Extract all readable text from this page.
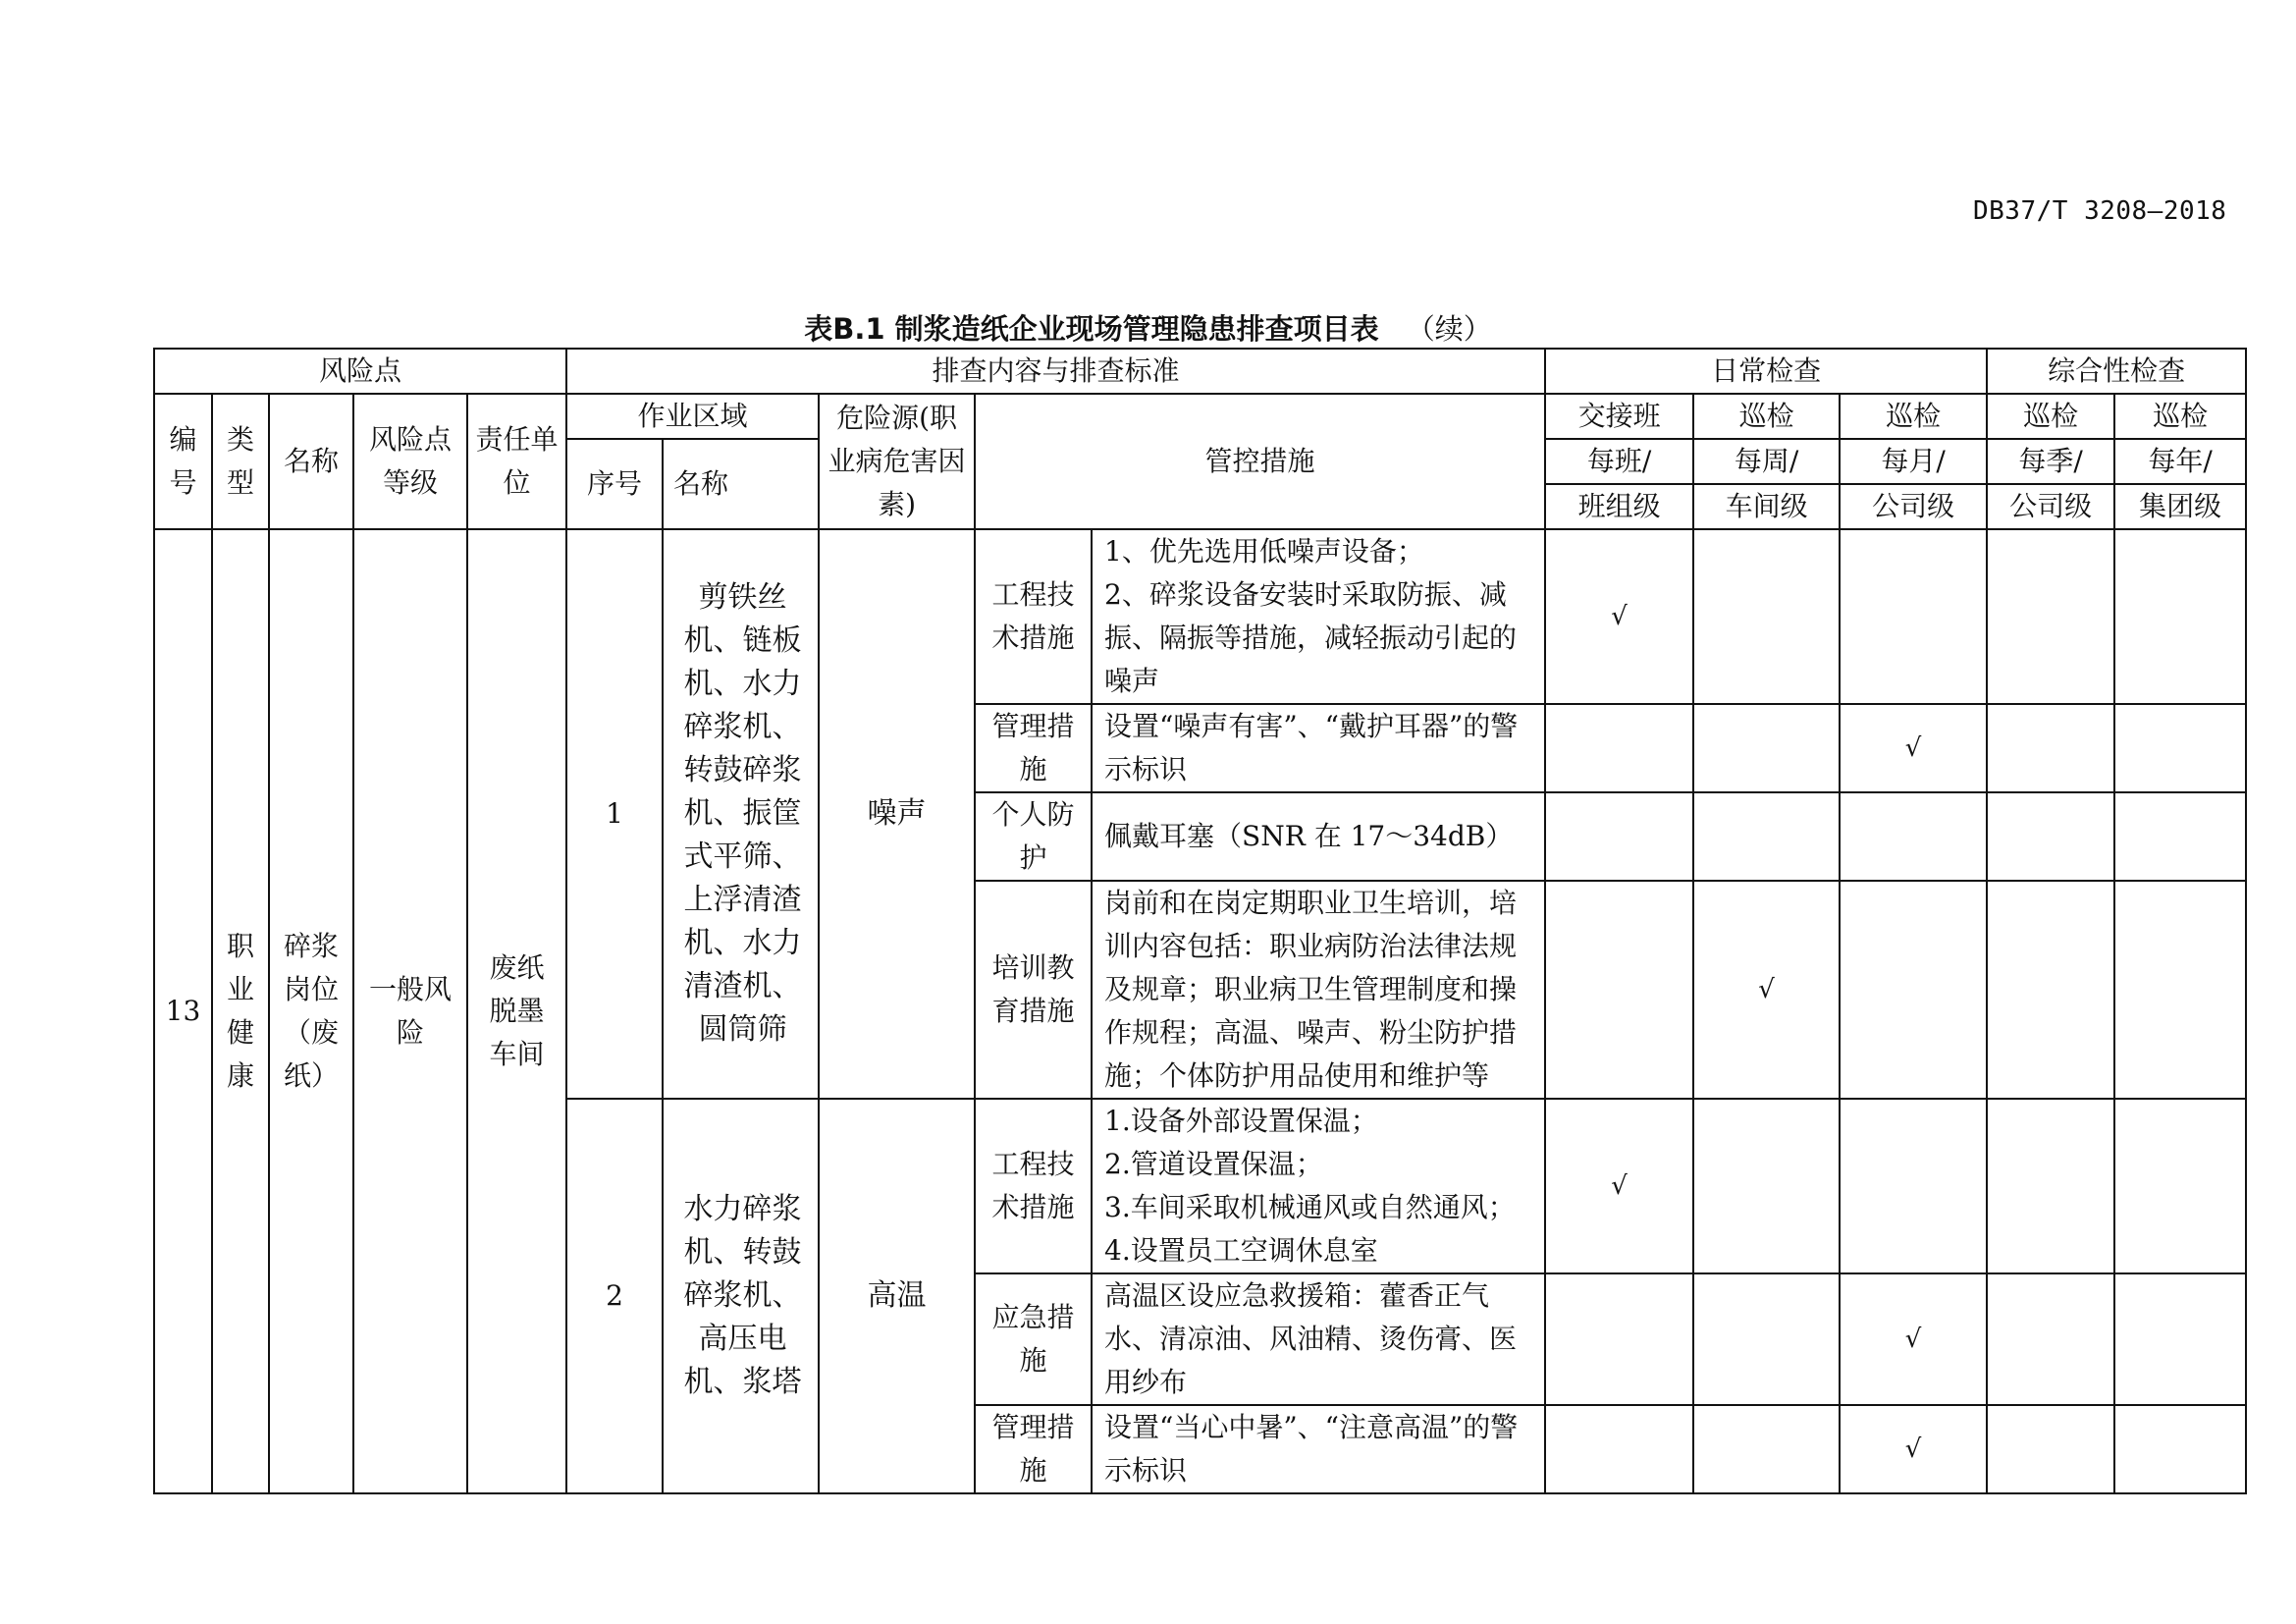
DB37/T 3208—2018
表B.1 制浆造纸企业现场管理隐患排查项目表 （续）
风险点					排查内容与排查标准					日常检查			综合性检查	
编号	类型	名称	风险点等级	责任单位	作业区域		危险源(职业病危害因素)	管控措施		交接班	巡检	巡检	巡检	巡检
					序号	名称				每班/	每周/	每月/	每季/	每年/
										班组级	车间级	公司级	公司级	集团级
13	职业健康	碎浆岗位（废纸）	一般风险	废纸脱墨车间	1	剪铁丝机、链板机、水力碎浆机、转鼓碎浆机、振筐式平筛、上浮清渣机、水力清渣机、圆筒筛	噪声	工程技术措施	1、优先选用低噪声设备；
2、碎浆设备安装时采取防振、减振、隔振等措施，减轻振动引起的噪声	√				
								管理措施	设置“噪声有害”、“戴护耳器”的警示标识			√		
								个人防护	佩戴耳塞（SNR 在 17～34dB）					

								培训教育措施	岗前和在岗定期职业卫生培训，培训内容包括：职业病防治法律法规及规章；职业病卫生管理制度和操作规程；高温、噪声、粉尘防护措施；个体防护用品使用和维护等		√			
					2	水力碎浆机、转鼓碎浆机、高压电机、浆塔	高温	工程技术措施	1.设备外部设置保温；
2.管道设置保温；
3.车间采取机械通风或自然通风；
4.设置员工空调休息室	√				
								应急措施	高温区设应急救援箱：藿香正气水、清凉油、风油精、烫伤膏、医用纱布			√		
								管理措施	设置“当心中暑”、“注意高温”的警示标识			√		
